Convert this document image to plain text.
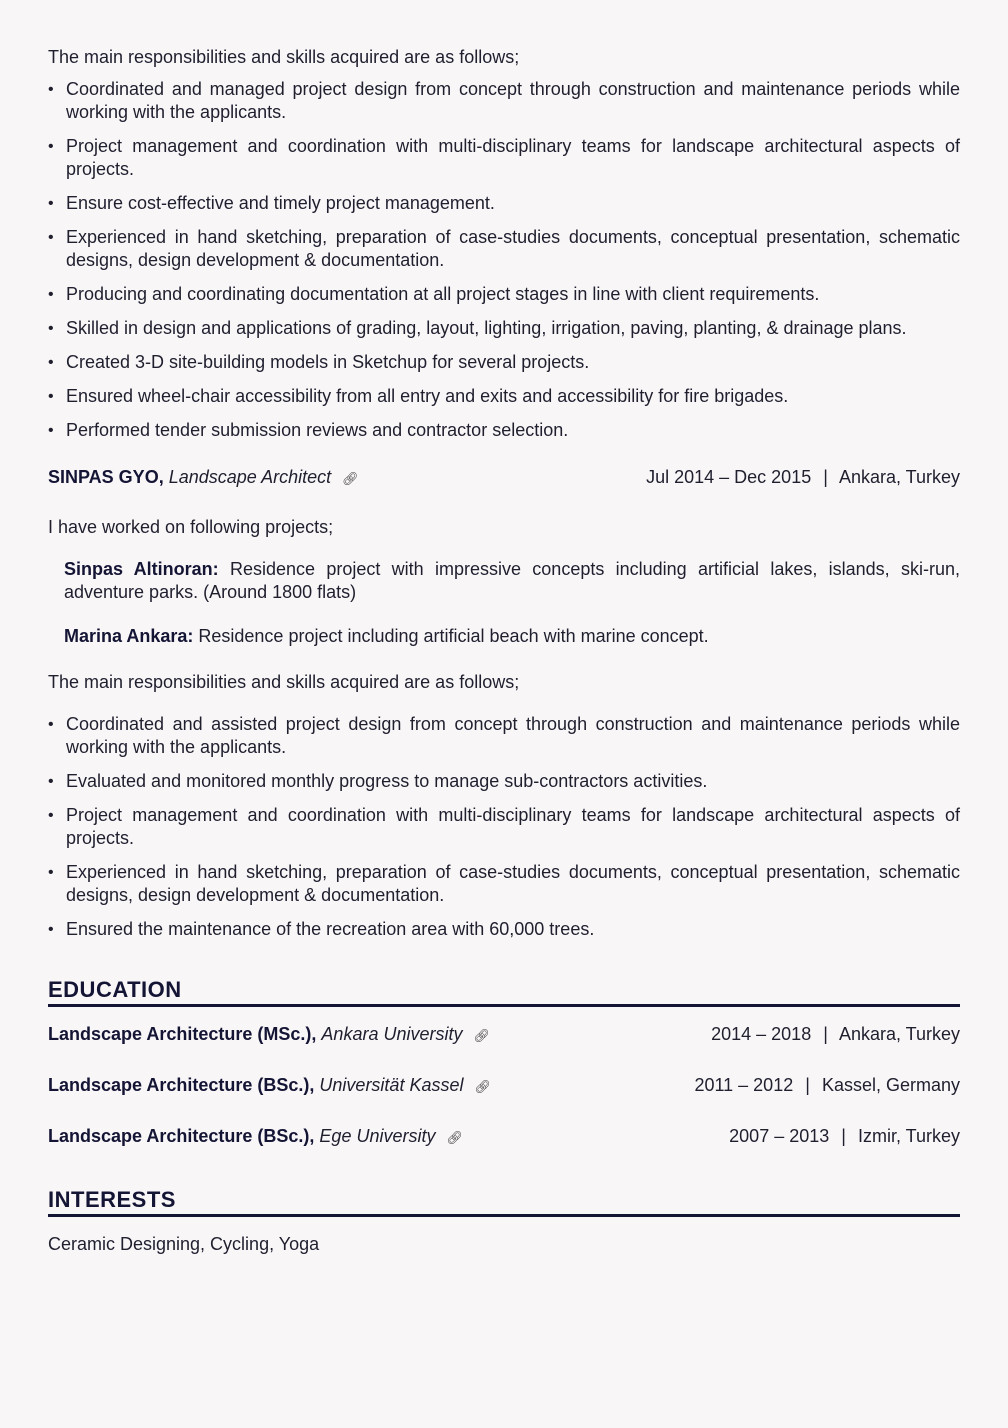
The main responsibilities and skills acquired are as follows;

• Coordinated and managed project design from concept through construction and maintenance periods while working with the applicants.
• Project management and coordination with multi-disciplinary teams for landscape architectural aspects of projects.
• Ensure cost-effective and timely project management.
• Experienced in hand sketching, preparation of case-studies documents, conceptual presentation, schematic designs, design development & documentation.
• Producing and coordinating documentation at all project stages in line with client requirements.
• Skilled in design and applications of grading, layout, lighting, irrigation, paving, planting, & drainage plans.
• Created 3-D site-building models in Sketchup for several projects.
• Ensured wheel-chair accessibility from all entry and exits and accessibility for fire brigades.
• Performed tender submission reviews and contractor selection.
SINPAS GYO, Landscape Architect 🔗︎	Jul 2014 – Dec 2015 | Ankara, Turkey

I have worked on following projects;

Sinpas Altinoran: Residence project with impressive concepts including artificial lakes, islands, ski-run, adventure parks. (Around 1800 flats)
Marina Ankara: Residence project including artificial beach with marine concept.

The main responsibilities and skills acquired are as follows;

• Coordinated and assisted project design from concept through construction and maintenance periods while working with the applicants.
• Evaluated and monitored monthly progress to manage sub-contractors activities.
• Project management and coordination with multi-disciplinary teams for landscape architectural aspects of projects.
• Experienced in hand sketching, preparation of case-studies documents, conceptual presentation, schematic designs, design development & documentation.
• Ensured the maintenance of the recreation area with 60,000 trees.
EDUCATION
Landscape Architecture (MSc.), Ankara University 🔗︎	2014 – 2018 | Ankara, Turkey
Landscape Architecture (BSc.), Universität Kassel 🔗︎	2011 – 2012 | Kassel, Germany
Landscape Architecture (BSc.), Ege University 🔗︎	2007 – 2013 | Izmir, Turkey
INTERESTS
Ceramic Designing, Cycling, Yoga
